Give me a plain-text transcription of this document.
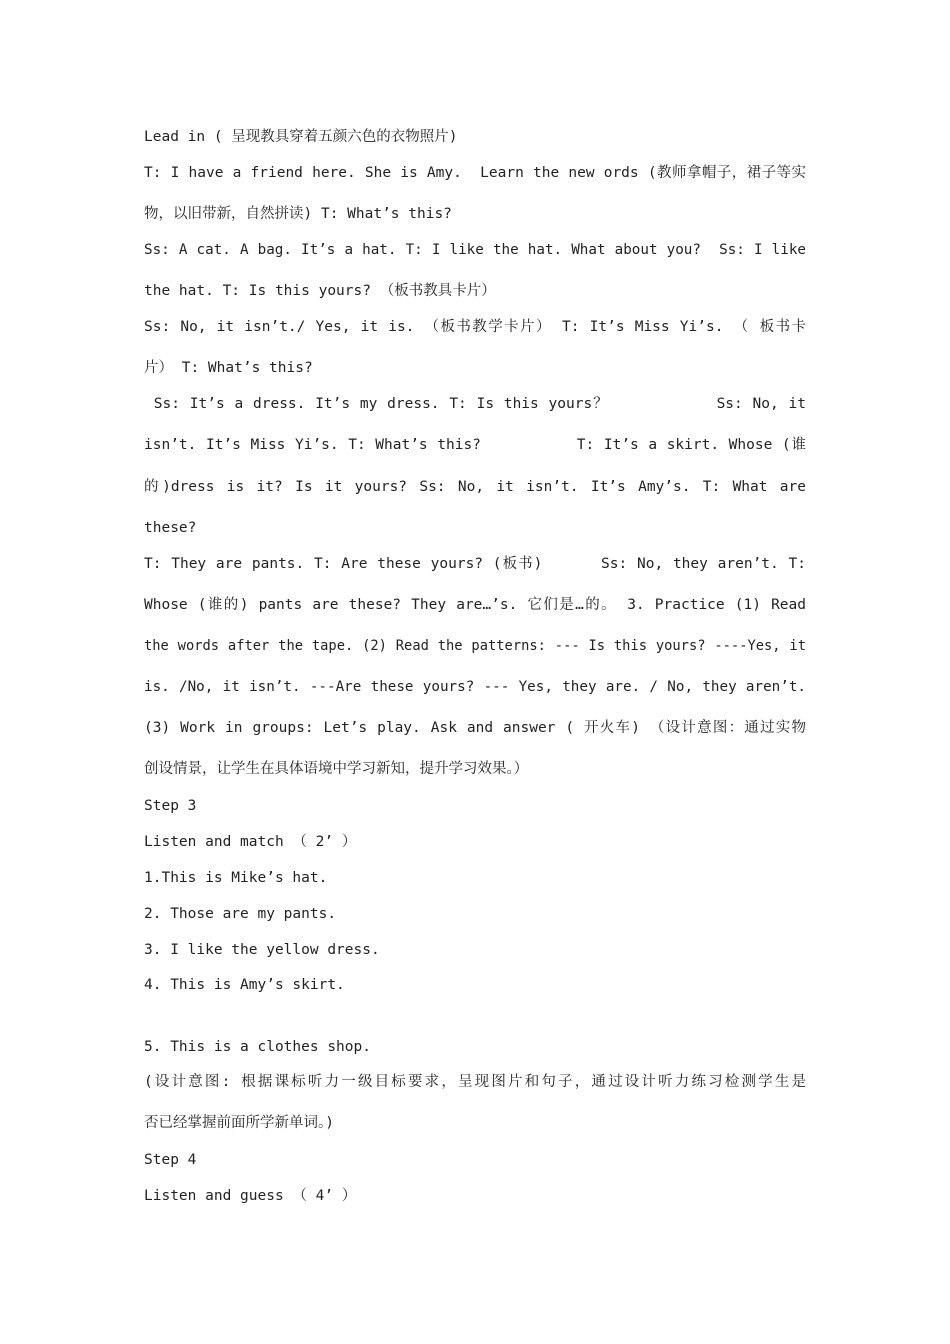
Lead in ( 呈现教具穿着五颜六色的衣物照片)
T: I have a friend here. She is Amy.  Learn the new ords (教师拿帽子，裙子等实
物，以旧带新，自然拼读) T: What’s this?
Ss: A cat. A bag. It’s a hat. T: I like the hat. What about you?  Ss: I like
the hat. T: Is this yours? （板书教具卡片）
Ss: No, it isn’t./ Yes, it is. （板书教学卡片） T: It’s Miss Yi’s. （ 板书卡
片） T: What’s this?
Ss: It’s a dress. It’s my dress. T: Is this yours？           Ss: No, it
isn’t. It’s Miss Yi’s. T: What’s this?          T: It’s a skirt. Whose (谁
的)dress is it? Is it yours? Ss: No, it isn’t. It’s Amy’s. T: What are
these?
T: They are pants. T: Are these yours? (板书)      Ss: No, they aren’t. T:
Whose (谁的) pants are these? They are…’s. 它们是…的。 3. Practice (1) Read
the words after the tape. (2) Read the patterns: --- Is this yours? ----Yes, it
is. /No, it isn’t. ---Are these yours? --- Yes, they are. / No, they aren’t.
(3) Work in groups: Let’s play. Ask and answer ( 开火车) （设计意图：通过实物
创设情景，让学生在具体语境中学习新知，提升学习效果。）
Step 3
Listen and match （ 2’ ）
1.This is Mike’s hat.
2. Those are my pants.
3. I like the yellow dress.
4. This is Amy’s skirt.
5. This is a clothes shop.
(设计意图: 根据课标听力一级目标要求，呈现图片和句子，通过设计听力练习检测学生是
否已经掌握前面所学新单词。)
Step 4
Listen and guess （ 4’ ）
